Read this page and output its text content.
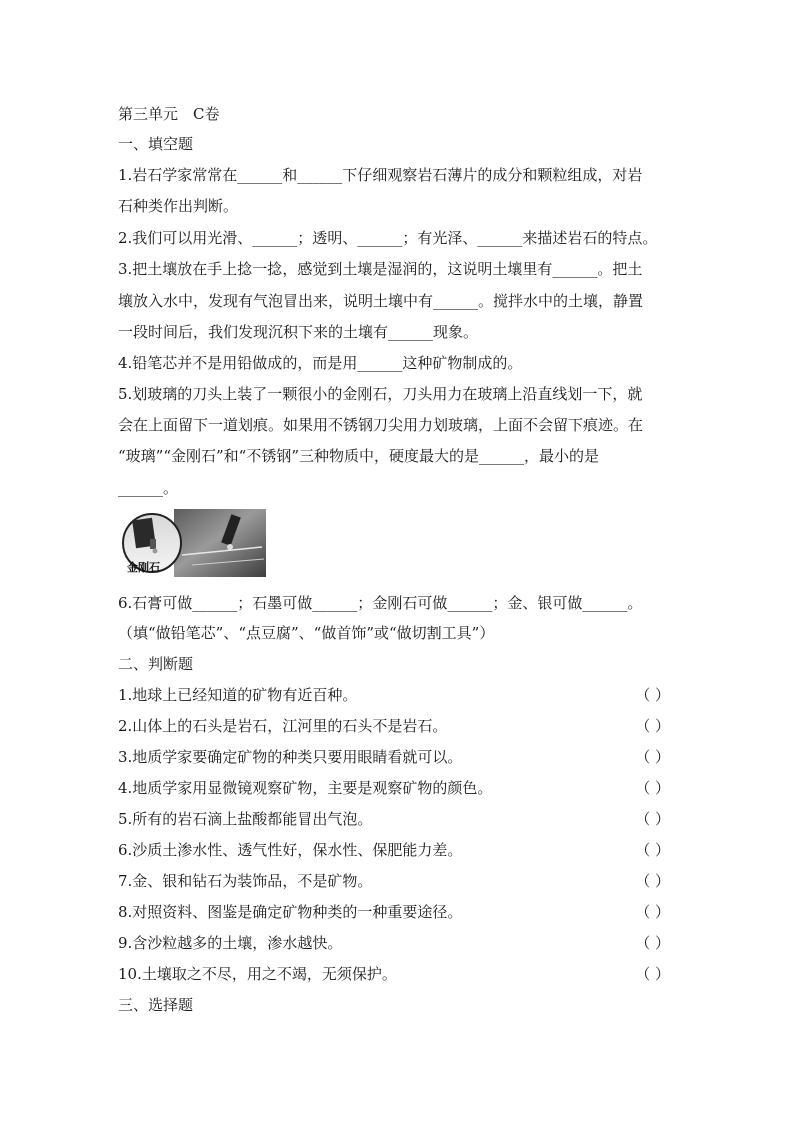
第三单元　C卷
一、填空题
1.岩石学家常常在______和______下仔细观察岩石薄片的成分和颗粒组成，对岩
石种类作出判断。
2.我们可以用光滑、______；透明、______；有光泽、______来描述岩石的特点。
3.把土壤放在手上捻一捻，感觉到土壤是湿润的，这说明土壤里有______。把土
壤放入水中，发现有气泡冒出来，说明土壤中有______。搅拌水中的土壤，静置
一段时间后，我们发现沉积下来的土壤有______现象。
4.铅笔芯并不是用铅做成的，而是用______这种矿物制成的。
5.划玻璃的刀头上装了一颗很小的金刚石，刀头用力在玻璃上沿直线划一下，就
会在上面留下一道划痕。如果用不锈钢刀尖用力划玻璃，上面不会留下痕迹。在
“玻璃”“金刚石”和“不锈钢”三种物质中，硬度最大的是______，最小的是
______。
金刚石
6.石膏可做______；石墨可做______；金刚石可做______；金、银可做______。
（填“做铅笔芯”、“点豆腐”、“做首饰”或“做切割工具”）
二、判断题
1.地球上已经知道的矿物有近百种。	（ ）
2.山体上的石头是岩石，江河里的石头不是岩石。	（ ）
3.地质学家要确定矿物的种类只要用眼睛看就可以。	（ ）
4.地质学家用显微镜观察矿物，主要是观察矿物的颜色。	（ ）
5.所有的岩石滴上盐酸都能冒出气泡。	（ ）
6.沙质土渗水性、透气性好，保水性、保肥能力差。	（ ）
7.金、银和钻石为装饰品，不是矿物。	（ ）
8.对照资料、图鉴是确定矿物种类的一种重要途径。	（ ）
9.含沙粒越多的土壤，渗水越快。	（ ）
10.土壤取之不尽，用之不竭，无须保护。	（ ）
三、选择题
